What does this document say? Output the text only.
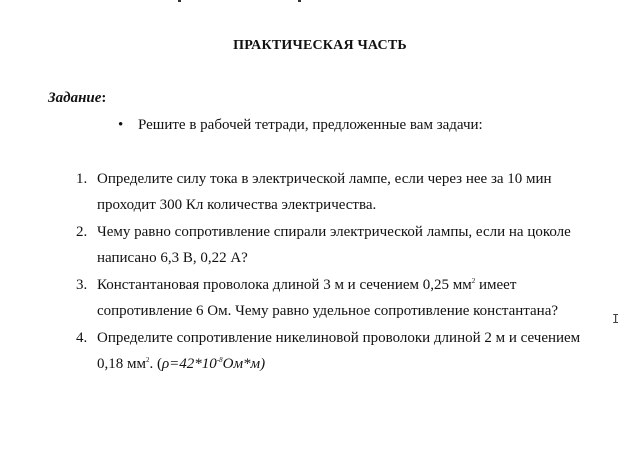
ПРАКТИЧЕСКАЯ ЧАСТЬ
Задание:
• Решите в рабочей тетради, предложенные вам задачи:
1. Определите силу тока в электрической лампе, если через нее за 10 мин
проходит 300 Кл количества электричества.
2. Чему равно сопротивление спирали электрической лампы, если на цоколе
написано 6,3 В, 0,22 А?
3. Константановая проволока длиной 3 м и сечением 0,25 $мм^2$ имеет
сопротивление 6 Ом. Чему равно удельное сопротивление константана?
4. Определите сопротивление никелиновой проволоки длиной 2 м и сечением
0,18 $мм^2$. $(\rho=42*10^{-8}Ом*м)$
I
